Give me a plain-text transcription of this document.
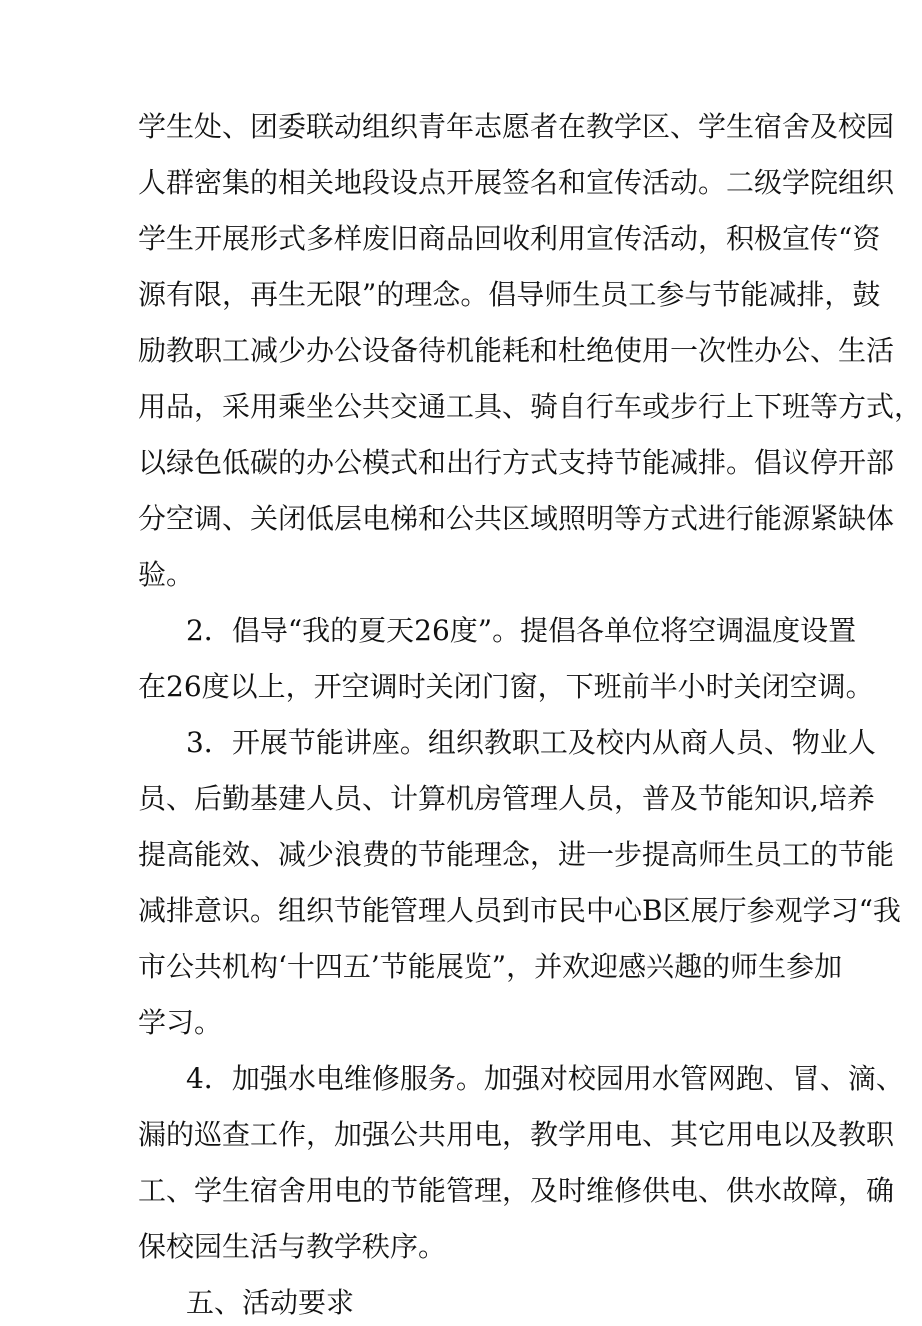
学生处、团委联动组织青年志愿者在教学区、学生宿舍及校园
人群密集的相关地段设点开展签名和宣传活动。二级学院组织
学生开展形式多样废旧商品回收利用宣传活动，积极宣传“资
源有限，再生无限”的理念。倡导师生员工参与节能减排，鼓
励教职工减少办公设备待机能耗和杜绝使用一次性办公、生活
用品，采用乘坐公共交通工具、骑自行车或步行上下班等方式，
以绿色低碳的办公模式和出行方式支持节能减排。倡议停开部
分空调、关闭低层电梯和公共区域照明等方式进行能源紧缺体
验。
2．倡导“我的夏天26度”。提倡各单位将空调温度设置
在26度以上，开空调时关闭门窗，下班前半小时关闭空调。
3．开展节能讲座。组织教职工及校内从商人员、物业人
员、后勤基建人员、计算机房管理人员，普及节能知识,培养
提高能效、减少浪费的节能理念，进一步提高师生员工的节能
减排意识。组织节能管理人员到市民中心B区展厅参观学习“我
市公共机构‘十四五’节能展览”，并欢迎感兴趣的师生参加
学习。
4．加强水电维修服务。加强对校园用水管网跑、冒、滴、
漏的巡查工作，加强公共用电，教学用电、其它用电以及教职
工、学生宿舍用电的节能管理，及时维修供电、供水故障，确
保校园生活与教学秩序。
五、活动要求
